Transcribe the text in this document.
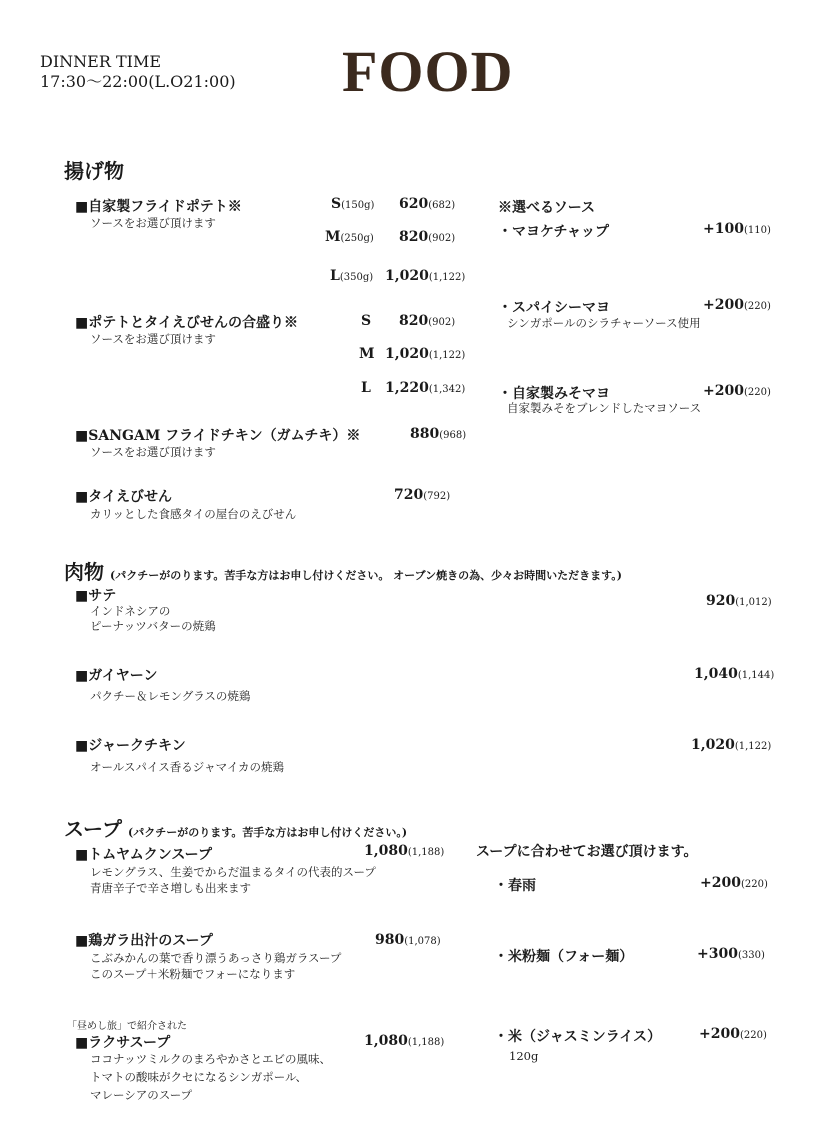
DINNER TIME
17:30〜22:00(L.O21:00) FOOD
揚げ物
■自家製フライドポテト※
ソースをお選び頂けます
S(150g) 620(682)
M(250g) 820(902)
L(350g) 1,020(1,122)
■ポテトとタイえびせんの合盛り※
ソースをお選び頂けます
S 820(902)
M 1,020(1,122)
L 1,220(1,342)
■SANGAM フライドチキン（ガムチキ）※
ソースをお選び頂けます
880(968)
■タイえびせん
カリッとした食感タイの屋台のえびせん
720(792)
※選べるソース
・マヨケチャップ	+100(110)
・スパイシーマヨ	+200(220)
シンガポールのシラチャーソース使用
・自家製みそマヨ	+200(220)
自家製みそをブレンドしたマヨソース
肉物 (パクチーがのります。苦手な方はお申し付けください。 オーブン焼きの為、少々お時間いただきます。)
■サテ
インドネシアの
ピーナッツバターの焼鶏
920(1,012)
■ガイヤーン
パクチー＆レモングラスの焼鶏
1,040(1,144)
■ジャークチキン
オールスパイス香るジャマイカの焼鶏
1,020(1,122)
スープ (パクチーがのります。苦手な方はお申し付けください。)
■トムヤムクンスープ
レモングラス、生姜でからだ温まるタイの代表的スープ
青唐辛子で辛さ増しも出来ます
1,080(1,188)
■鶏ガラ出汁のスープ
こぶみかんの葉で香り漂うあっさり鶏ガラスープ
このスープ＋米粉麺でフォーになります
980(1,078)
「昼めし旅」で紹介された
■ラクサスープ
ココナッツミルクのまろやかさとエビの風味、
トマトの酸味がクセになるシンガポール、
マレーシアのスープ
1,080(1,188)
スープに合わせてお選び頂けます。
・春雨	+200(220)
・米粉麺（フォー麺）	+300(330)
・米（ジャスミンライス）	+200(220)
120g
